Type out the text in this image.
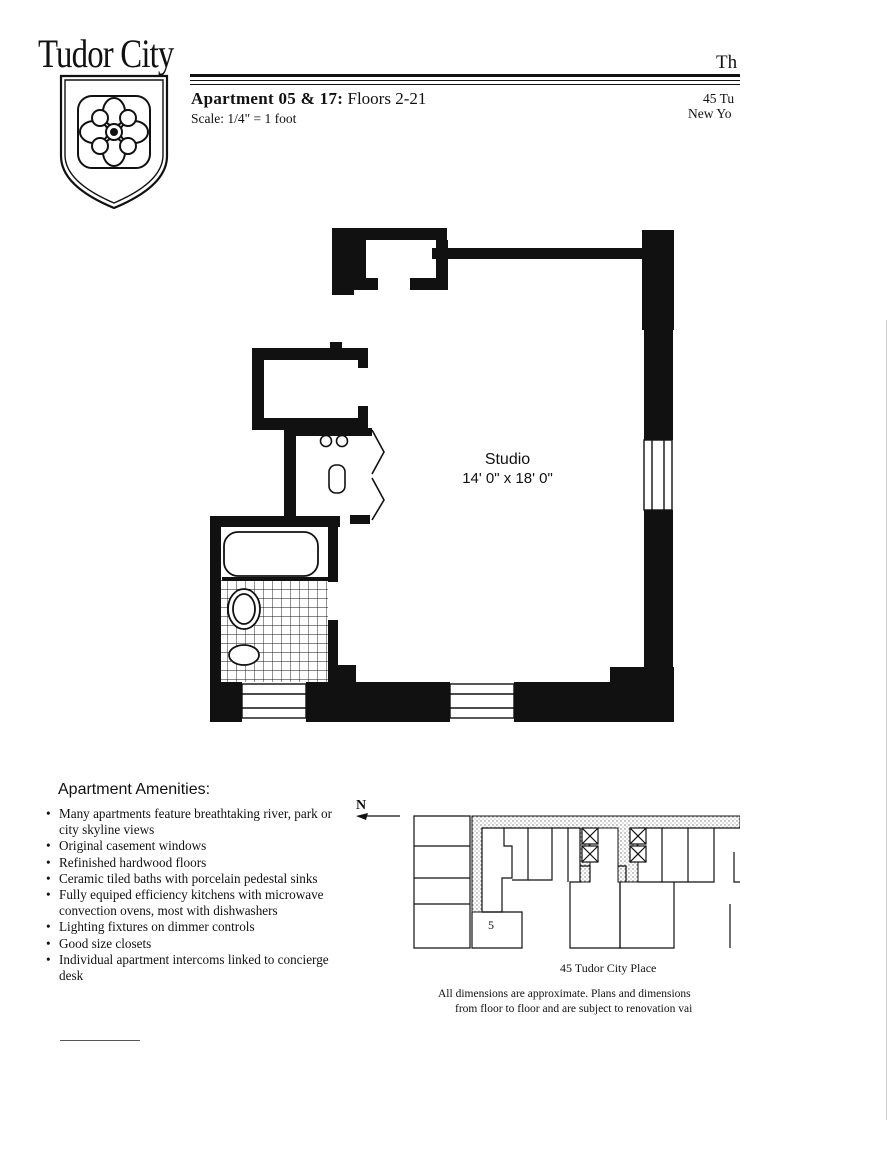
Tudor City	Th
Apartment 05 & 17: Floors 2-21
Scale: 1/4" = 1 foot
45 Tu
New Yo
Studio
14' 0" x 18' 0"
Apartment Amenities:
• Many apartments feature breathtaking river, park or city skyline views
• Original casement windows
• Refinished hardwood floors
• Ceramic tiled baths with porcelain pedestal sinks
• Fully equiped efficiency kitchens with microwave convection ovens, most with dishwashers
• Lighting fixtures on dimmer controls
• Good size closets
• Individual apartment intercoms linked to concierge desk
N
5
45 Tudor City Place
All dimensions are approximate. Plans and dimensions
from floor to floor and are subject to renovation vai
